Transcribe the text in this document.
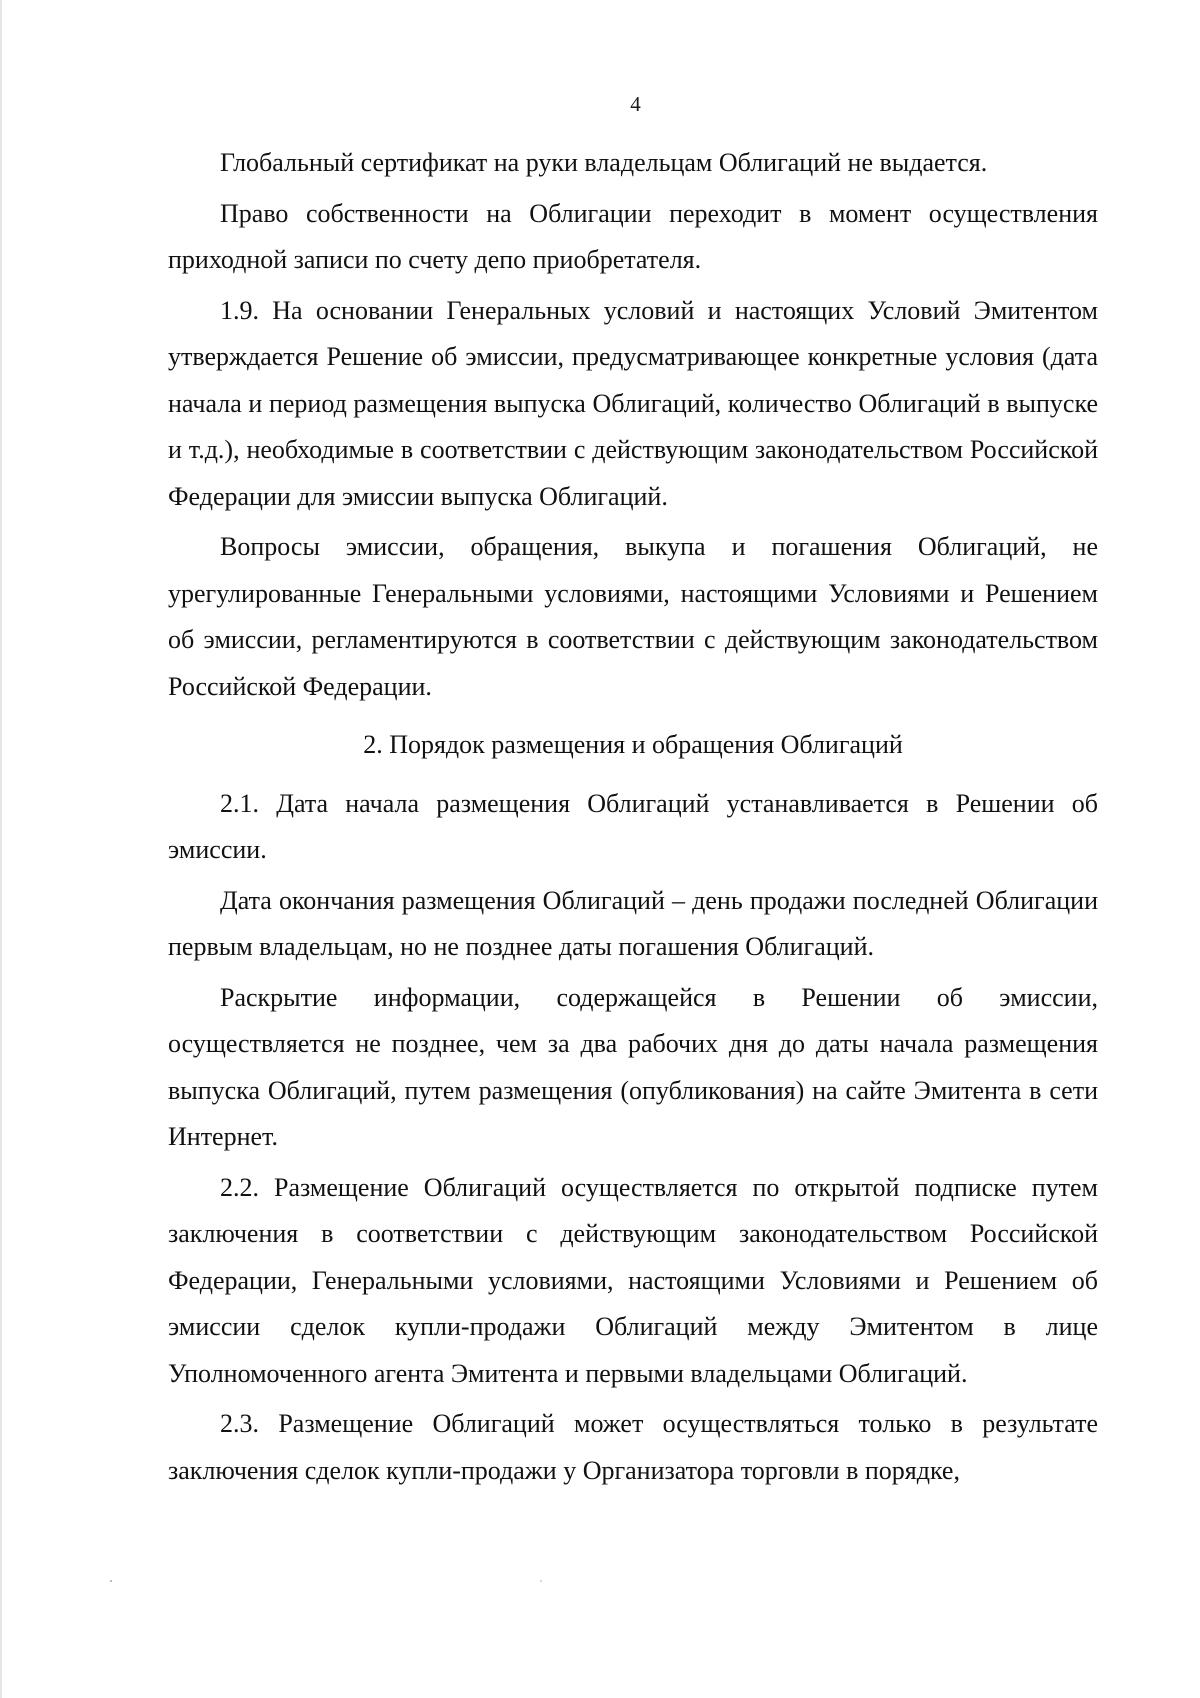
4

Глобальный сертификат на руки владельцам Облигаций не выдается.

Право собственности на Облигации переходит в момент осуществления приходной записи по счету депо приобретателя.

1.9. На основании Генеральных условий и настоящих Условий Эмитентом утверждается Решение об эмиссии, предусматривающее конкретные условия (дата начала и период размещения выпуска Облигаций, количество Облигаций в выпуске и т.д.), необходимые в соответствии с действующим законодательством Российской Федерации для эмиссии выпуска Облигаций.

Вопросы эмиссии, обращения, выкупа и погашения Облигаций, не урегулированные Генеральными условиями, настоящими Условиями и Решением об эмиссии, регламентируются в соответствии с действующим законодательством Российской Федерации.

2. Порядок размещения и обращения Облигаций

2.1. Дата начала размещения Облигаций устанавливается в Решении об эмиссии.

Дата окончания размещения Облигаций – день продажи последней Облигации первым владельцам, но не позднее даты погашения Облигаций.

Раскрытие информации, содержащейся в Решении об эмиссии, осуществляется не позднее, чем за два рабочих дня до даты начала размещения выпуска Облигаций, путем размещения (опубликования) на сайте Эмитента в сети Интернет.

2.2. Размещение Облигаций осуществляется по открытой подписке путем заключения в соответствии с действующим законодательством Российской Федерации, Генеральными условиями, настоящими Условиями и Решением об эмиссии сделок купли-продажи Облигаций между Эмитентом в лице Уполномоченного агента Эмитента и первыми владельцами Облигаций.

2.3. Размещение Облигаций может осуществляться только в результате заключения сделок купли-продажи у Организатора торговли в порядке,
